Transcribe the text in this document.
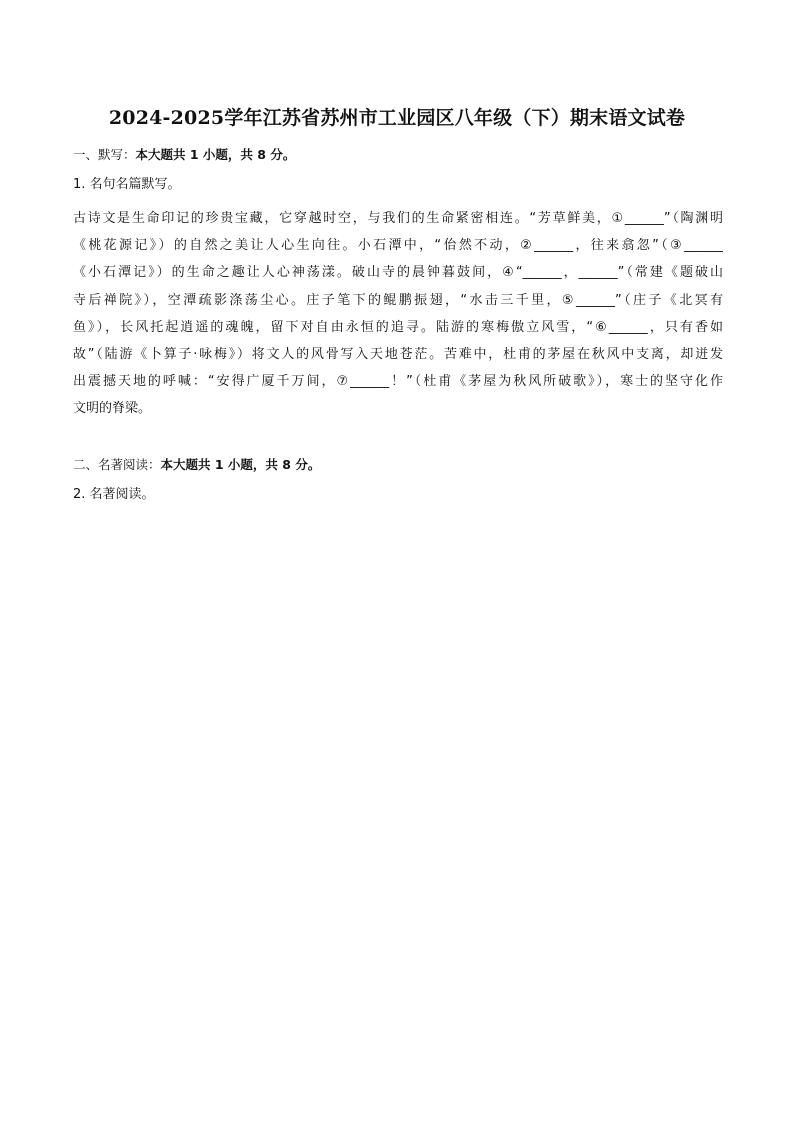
2024-2025学年江苏省苏州市工业园区八年级（下）期末语文试卷
一、默写：本大题共 1 小题，共 8 分。
1. 名句名篇默写。
古诗文是生命印记的珍贵宝藏，它穿越时空，与我们的生命紧密相连。“芳草鲜美，①______”（陶渊明
《桃花源记》）的自然之美让人心生向往。小石潭中，“佁然不动，②______，往来翕忽”（③______
《小石潭记》）的生命之趣让人心神荡漾。破山寺的晨钟暮鼓间，④“______，______”（常建《题破山
寺后禅院》），空潭疏影涤荡尘心。庄子笔下的鲲鹏振翅，“水击三千里，⑤______”（庄子《北冥有
鱼》），长风托起逍遥的魂魄，留下对自由永恒的追寻。陆游的寒梅傲立风雪，“⑥______，只有香如
故”（陆游《卜算子·咏梅》）将文人的风骨写入天地苍茫。苦难中，杜甫的茅屋在秋风中支离，却迸发
出震撼天地的呼喊：“安得广厦千万间，⑦______！”（杜甫《茅屋为秋风所破歌》），寒士的坚守化作
文明的脊梁。
二、名著阅读：本大题共 1 小题，共 8 分。
2. 名著阅读。
